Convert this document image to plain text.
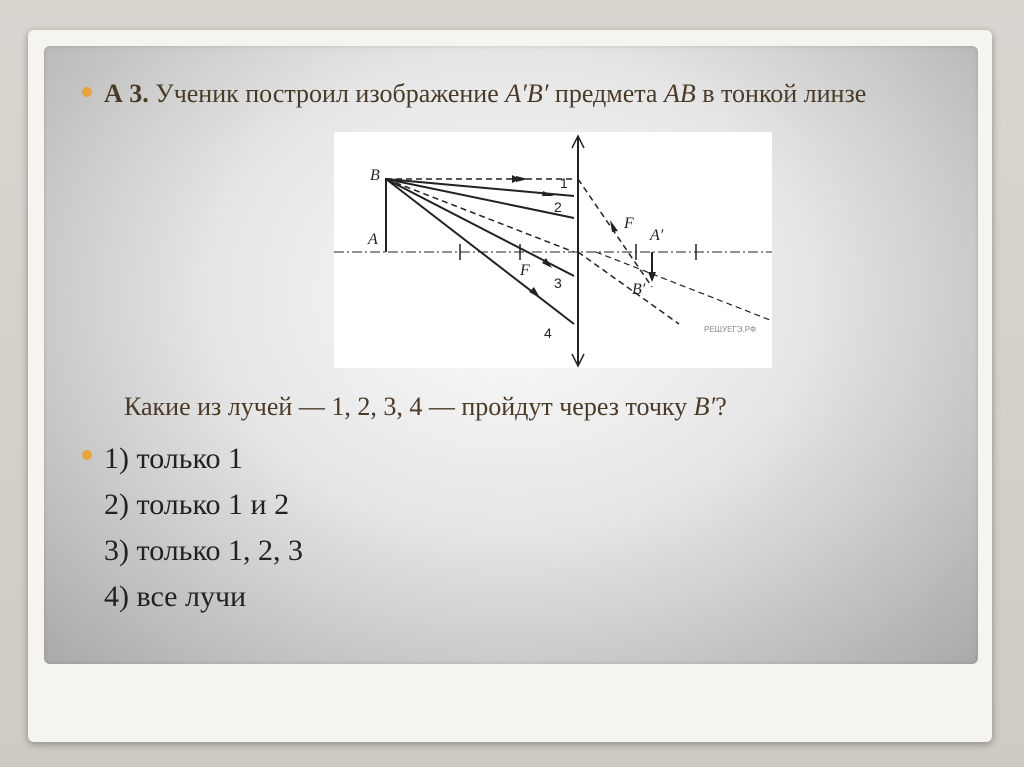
А 3. Ученик построил изображение A′B′ предмета AB в тонкой линзе
B
A
F
F
A′
B′
1
2
3
4	РЕШУЕГЭ.РФ
Какие из лучей — 1, 2, 3, 4 — пройдут через точку B′?
1) только 1
2) только 1 и 2
3) только 1, 2, 3
4) все лучи
